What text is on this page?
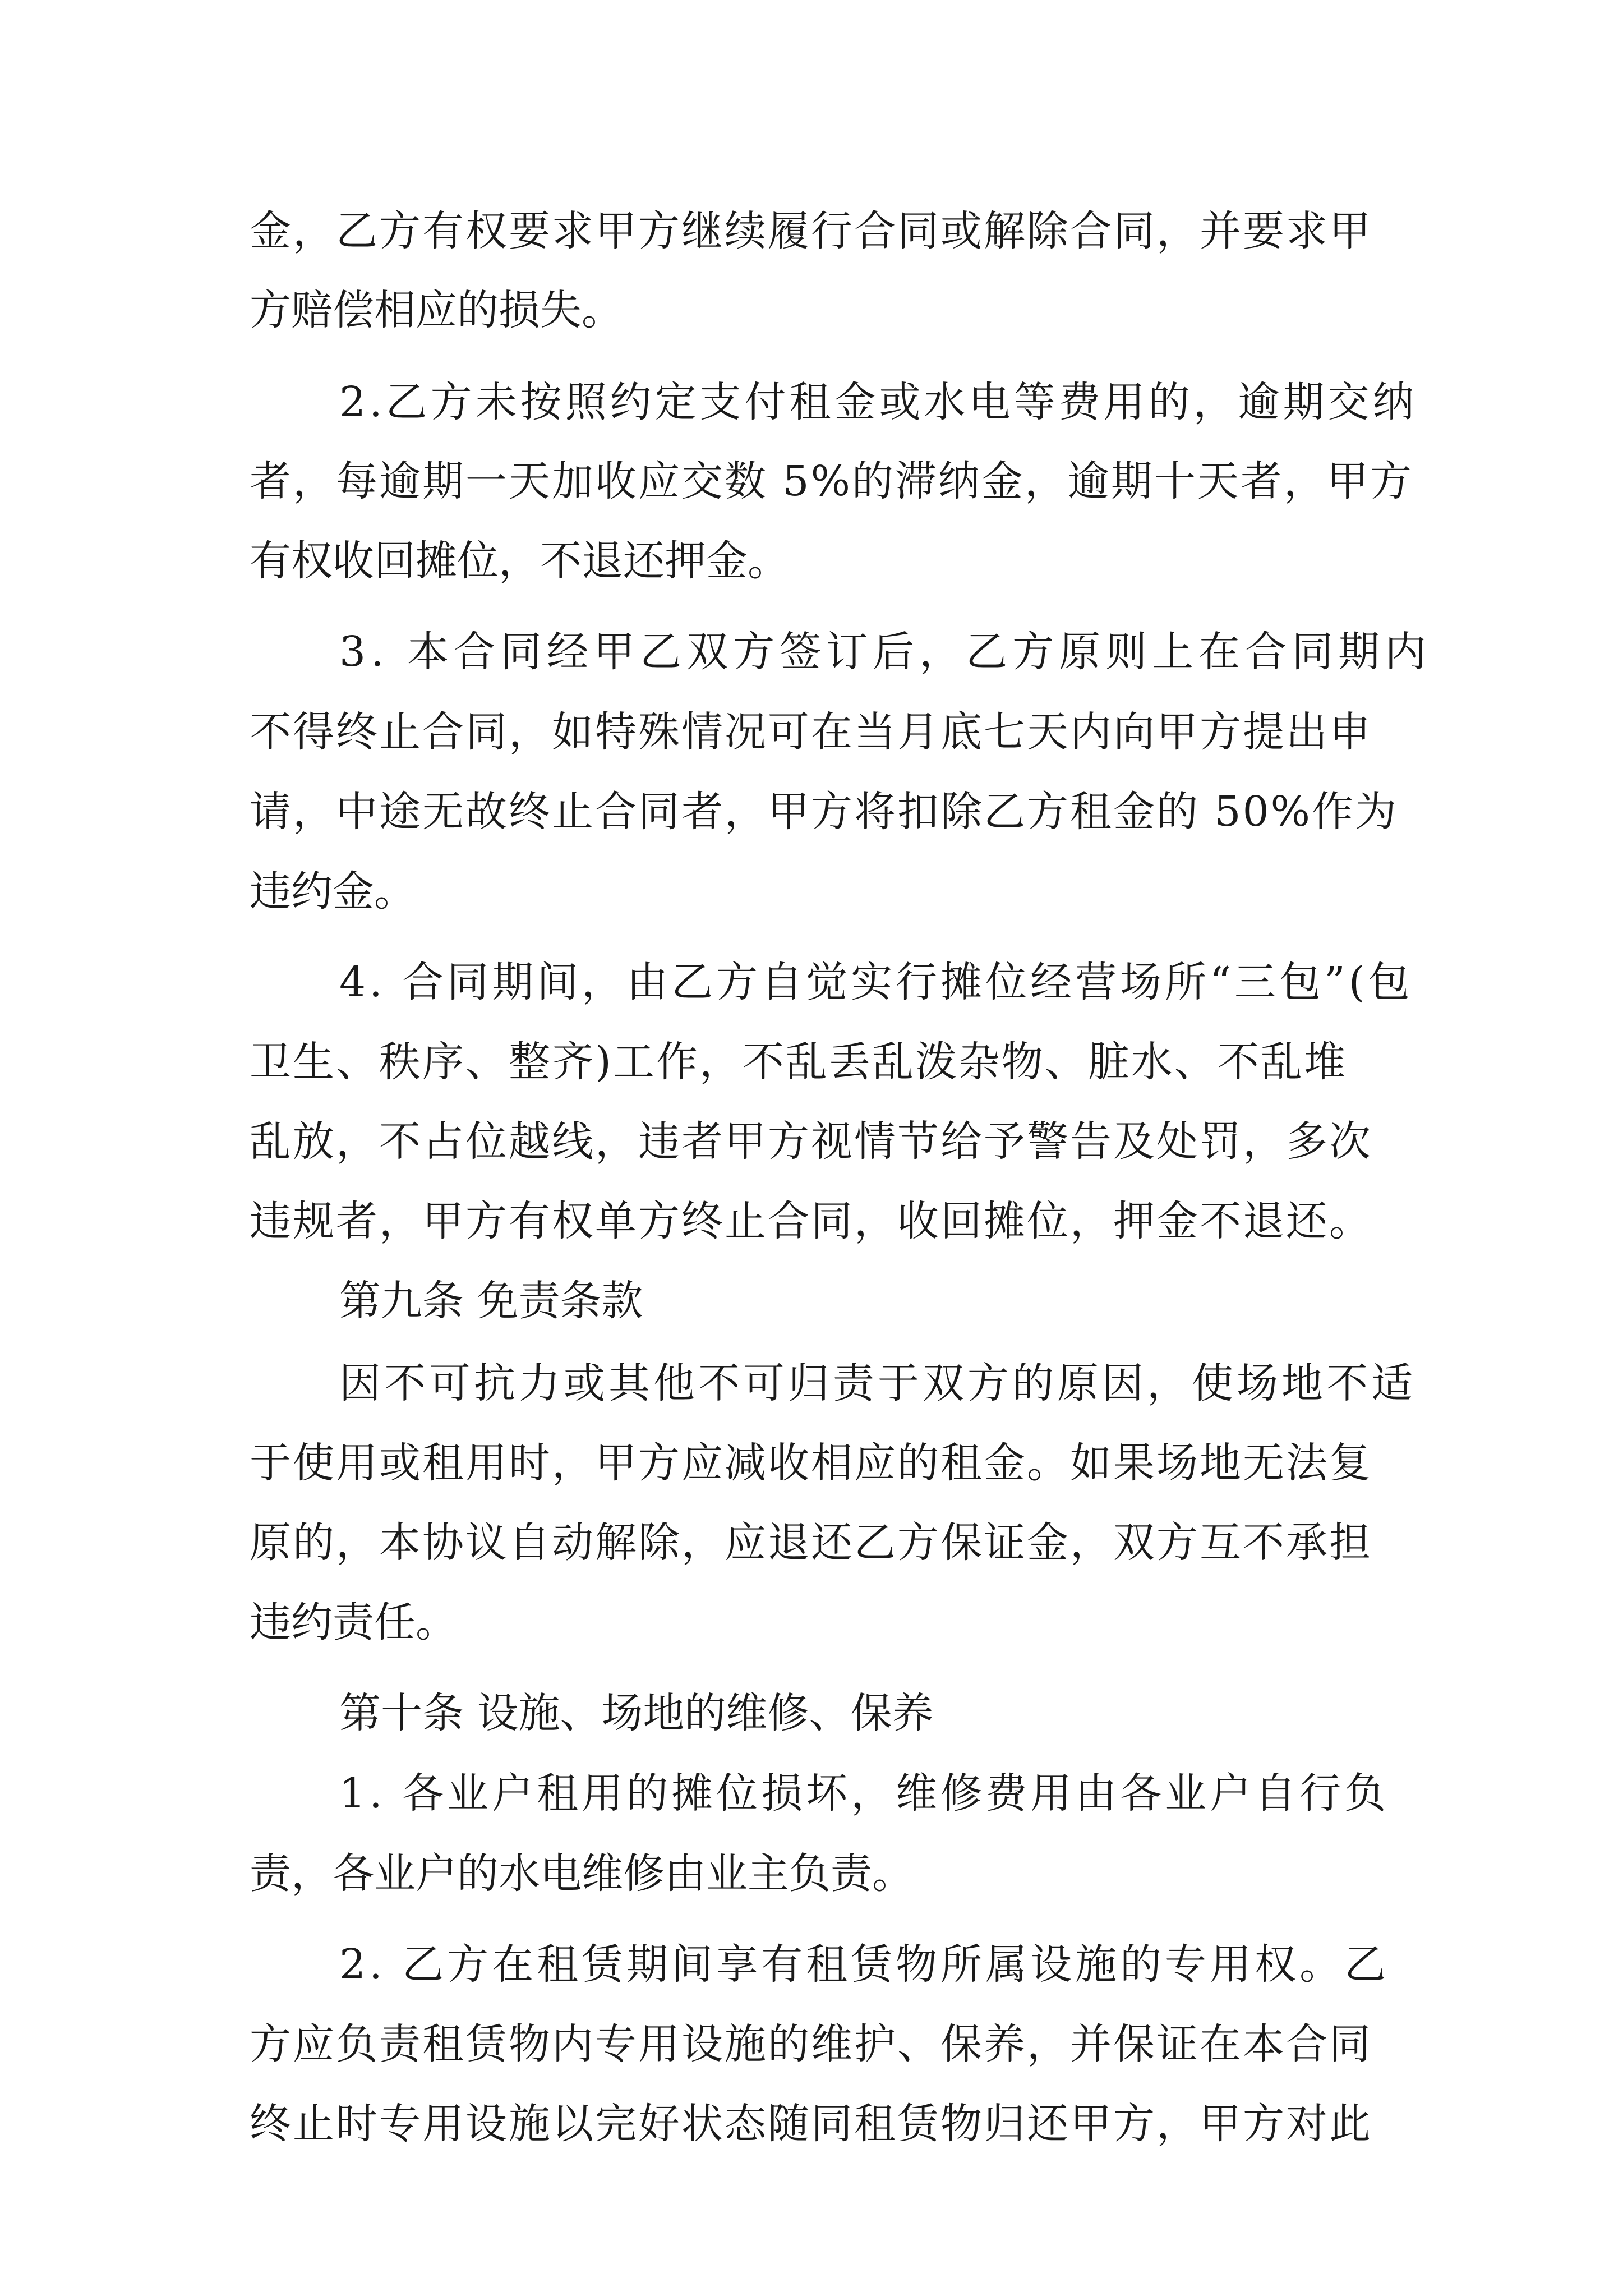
金，乙方有权要求甲方继续履行合同或解除合同，并要求甲
方赔偿相应的损失。
2.乙方未按照约定支付租金或水电等费用的，逾期交纳
者，每逾期一天加收应交数 5%的滞纳金，逾期十天者，甲方
有权收回摊位，不退还押金。
3. 本合同经甲乙双方签订后，乙方原则上在合同期内
不得终止合同，如特殊情况可在当月底七天内向甲方提出申
请，中途无故终止合同者，甲方将扣除乙方租金的 50%作为
违约金。
4. 合同期间，由乙方自觉实行摊位经营场所“三包”(包
卫生、秩序、整齐)工作，不乱丢乱泼杂物、脏水、不乱堆
乱放，不占位越线，违者甲方视情节给予警告及处罚，多次
违规者，甲方有权单方终止合同，收回摊位，押金不退还。
第九条 免责条款
因不可抗力或其他不可归责于双方的原因，使场地不适
于使用或租用时，甲方应减收相应的租金。如果场地无法复
原的，本协议自动解除，应退还乙方保证金，双方互不承担
违约责任。
第十条 设施、场地的维修、保养
1. 各业户租用的摊位损坏，维修费用由各业户自行负
责，各业户的水电维修由业主负责。
2. 乙方在租赁期间享有租赁物所属设施的专用权。乙
方应负责租赁物内专用设施的维护、保养，并保证在本合同
终止时专用设施以完好状态随同租赁物归还甲方，甲方对此
